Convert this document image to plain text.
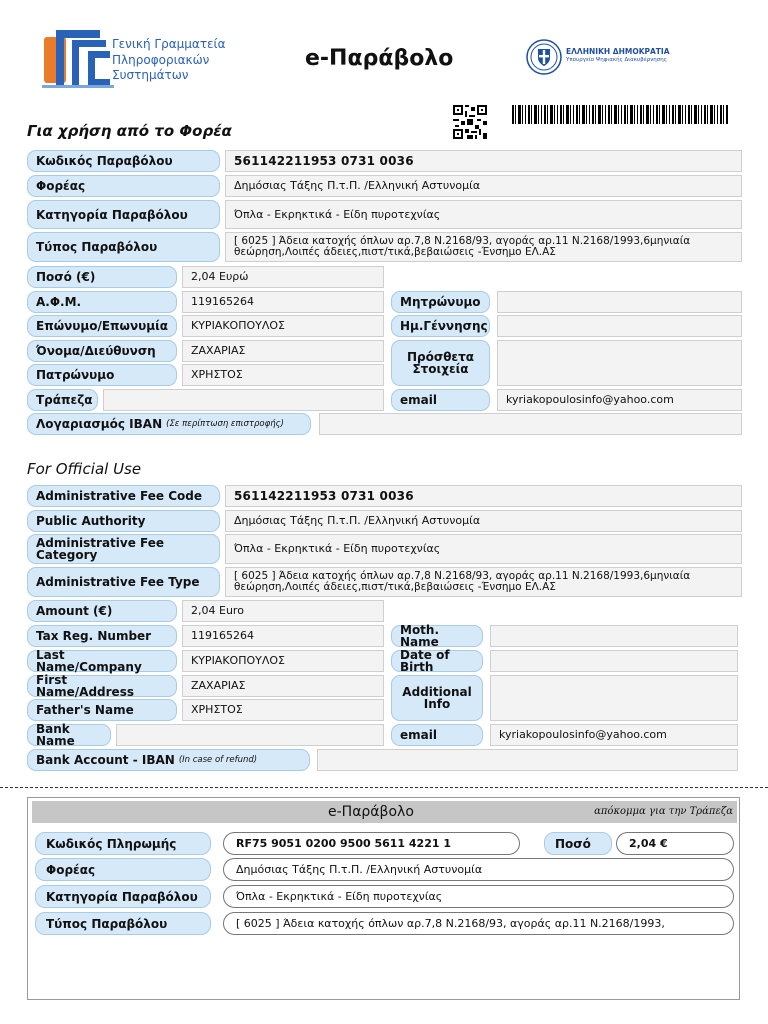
Γενική Γραμματεία
Πληροφοριακών
Συστημάτων
e-Παράβολο	ΕΛΛΗΝΙΚΗ ΔΗΜΟΚΡΑΤΙΑ
Υπουργείο Ψηφιακής Διακυβέρνησης
Για χρήση από το Φορέα
Κωδικός Παραβόλου	561142211953 0731 0036
Φορέας	Δημόσιας Τάξης Π.τ.Π. /Ελληνική Αστυνομία
Κατηγορία Παραβόλου	Όπλα - Εκρηκτικά - Είδη πυροτεχνίας
Τύπος Παραβόλου	[ 6025 ] Άδεια κατοχής όπλων αρ.7,8 Ν.2168/93, αγοράς αρ.11 Ν.2168/1993,6μηνιαία θεώρηση,Λοιπές άδειες,πιστ/τικά,βεβαιώσεις -Ένσημο ΕΛ.ΑΣ
Ποσό (€)	2,04 Ευρώ
Α.Φ.Μ.	119165264	Μητρώνυμο
Επώνυμο/Επωνυμία	ΚΥΡΙΑΚΟΠΟΥΛΟΣ	Ημ.Γέννησης
Όνομα/Διεύθυνση	ΖΑΧΑΡΙΑΣ	Πρόσθετα Στοιχεία
Πατρώνυμο	ΧΡΗΣΤΟΣ
Τράπεζα	email	kyriakopoulosinfo@yahoo.com
Λογαριασμός IBAN (Σε περίπτωση επιστροφής)
For Official Use
Administrative Fee Code	561142211953 0731 0036
Public Authority	Δημόσιας Τάξης Π.τ.Π. /Ελληνική Αστυνομία
Administrative Fee Category	Όπλα - Εκρηκτικά - Είδη πυροτεχνίας
Administrative Fee Type	[ 6025 ] Άδεια κατοχής όπλων αρ.7,8 Ν.2168/93, αγοράς αρ.11 Ν.2168/1993,6μηνιαία θεώρηση,Λοιπές άδειες,πιστ/τικά,βεβαιώσεις -Ένσημο ΕΛ.ΑΣ
Amount (€)	2,04 Euro
Tax Reg. Number	119165264	Moth. Name
Last Name/Company	ΚΥΡΙΑΚΟΠΟΥΛΟΣ	Date of Birth
First Name/Address	ΖΑΧΑΡΙΑΣ	Additional Info
Father's Name	ΧΡΗΣΤΟΣ
Bank Name	email	kyriakopoulosinfo@yahoo.com
Bank Account - IBAN (In case of refund)
e-Παράβολο	απόκομμα για την Τράπεζα
Κωδικός Πληρωμής	RF75 9051 0200 9500 5611 4221 1	Ποσό	2,04 €
Φορέας	Δημόσιας Τάξης Π.τ.Π. /Ελληνική Αστυνομία
Κατηγορία Παραβόλου	Όπλα - Εκρηκτικά - Είδη πυροτεχνίας
Τύπος Παραβόλου	[ 6025 ] Άδεια κατοχής όπλων αρ.7,8 Ν.2168/93, αγοράς αρ.11 Ν.2168/1993,
